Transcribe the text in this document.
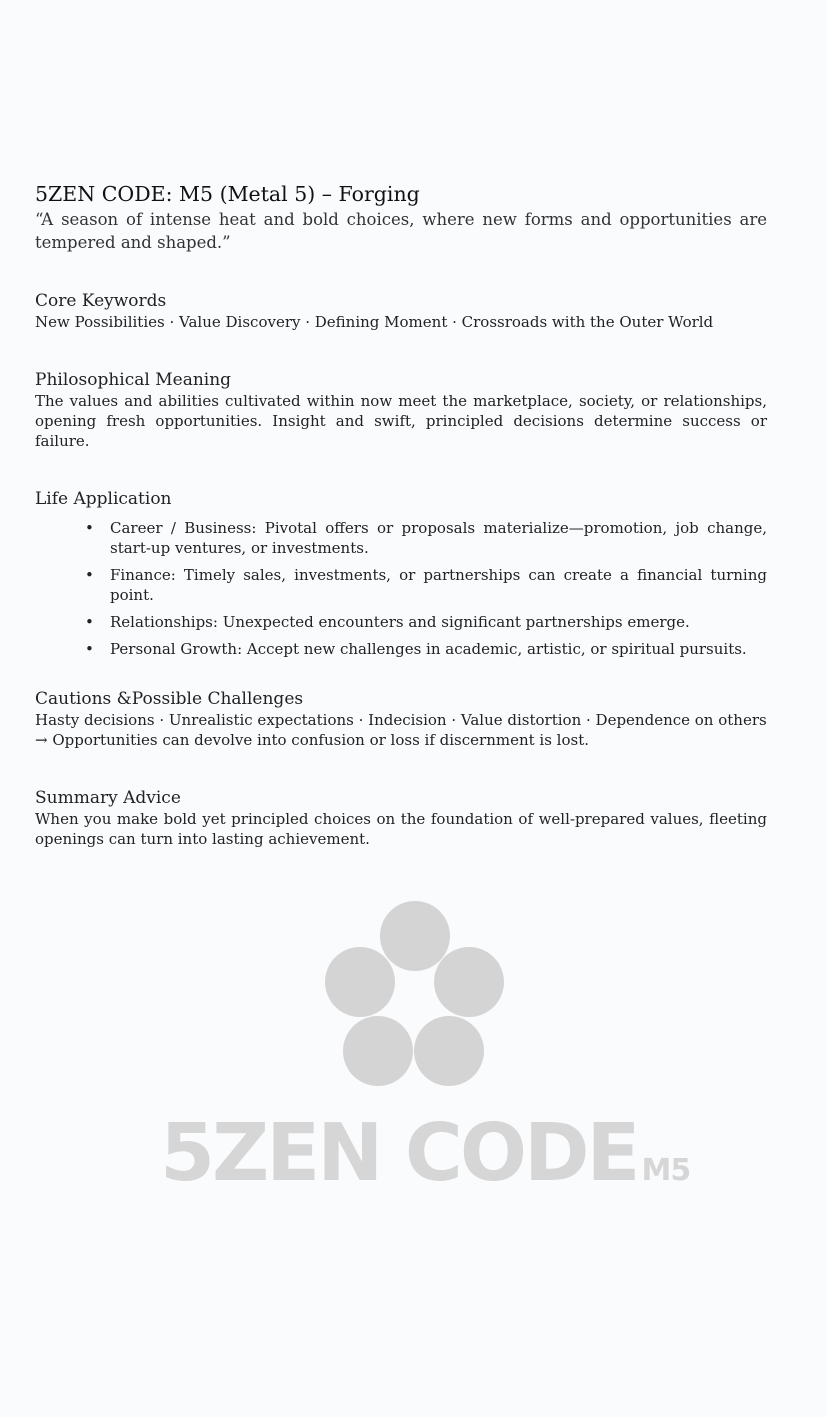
5ZEN CODE: M5 (Metal 5) – Forging

“A season of intense heat and bold choices, where new forms and opportunities are tempered and shaped.”

Core Keywords

New Possibilities · Value Discovery · Defining Moment · Crossroads with the Outer World

Philosophical Meaning

The values and abilities cultivated within now meet the marketplace, society, or relationships, opening fresh opportunities. Insight and swift, principled decisions determine success or failure.

Life Application
• Career / Business: Pivotal offers or proposals materialize—promotion, job change, start-up ventures, or investments.
• Finance: Timely sales, investments, or partnerships can create a financial turning point.
• Relationships: Unexpected encounters and significant partnerships emerge.
• Personal Growth: Accept new challenges in academic, artistic, or spiritual pursuits.
Cautions &Possible Challenges

Hasty decisions · Unrealistic expectations · Indecision · Value distortion · Dependence on others

→ Opportunities can devolve into confusion or loss if discernment is lost.

Summary Advice

When you make bold yet principled choices on the foundation of well-prepared values, fleeting openings can turn into lasting achievement.

5ZEN CODE M5
